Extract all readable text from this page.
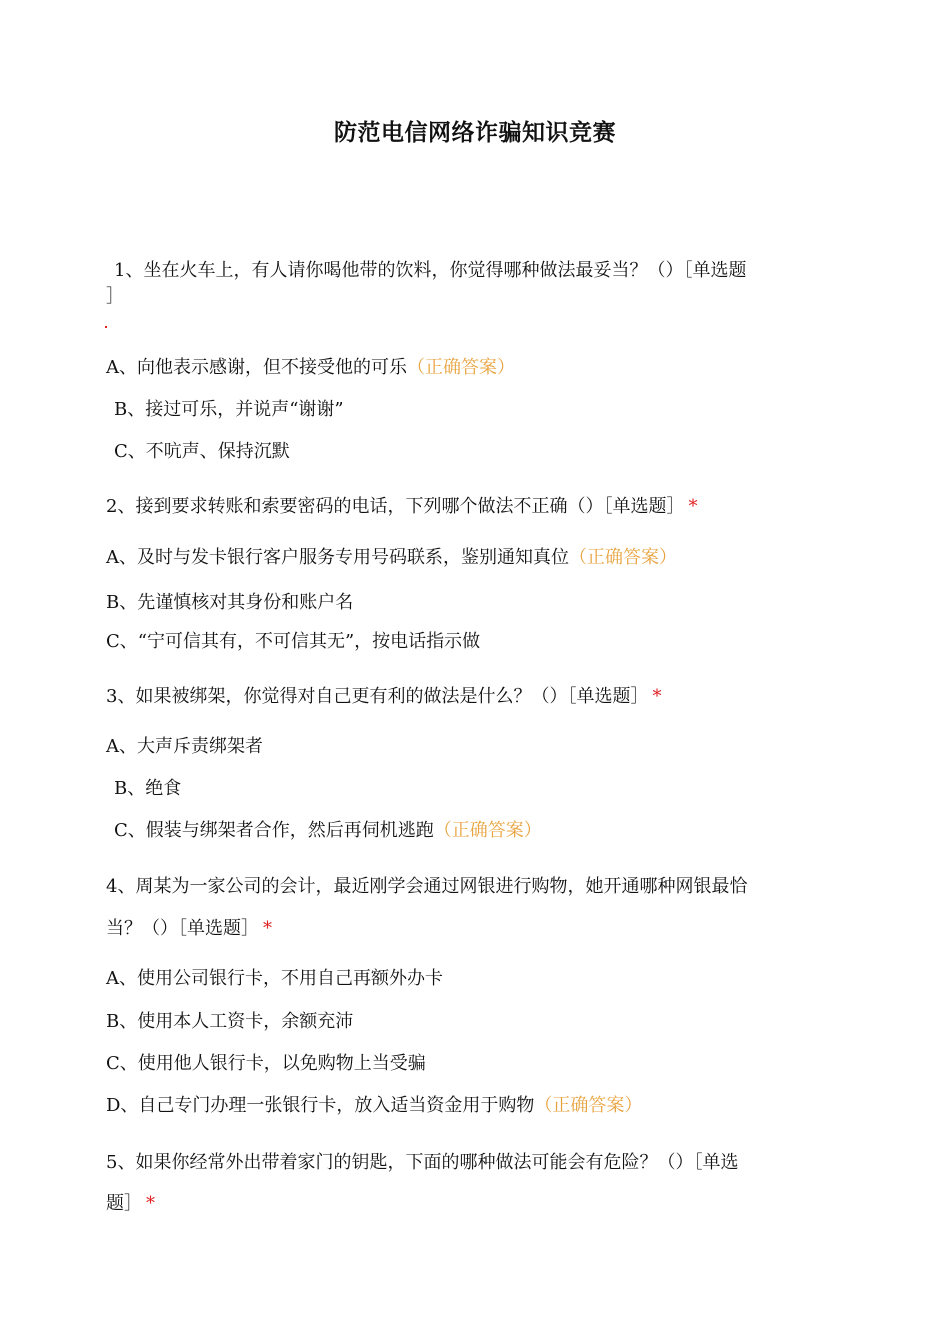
防范电信网络诈骗知识竞赛
1、坐在火车上，有人请你喝他带的饮料，你觉得哪种做法最妥当？（）［单选题
］
A、向他表示感谢，但不接受他的可乐（正确答案）
B、接过可乐，并说声“谢谢”
C、不吭声、保持沉默
2、接到要求转账和索要密码的电话，下列哪个做法不正确（）［单选题］ *
A、及时与发卡银行客户服务专用号码联系，鉴别通知真位（正确答案）
B、先谨慎核对其身份和账户名
C、“宁可信其有，不可信其无”，按电话指示做
3、如果被绑架，你觉得对自己更有利的做法是什么？（）［单选题］ *
A、大声斥责绑架者
B、绝食
C、假装与绑架者合作，然后再伺机逃跑（正确答案）
4、周某为一家公司的会计，最近刚学会通过网银进行购物，她开通哪种网银最恰
当？（）［单选题］ *
A、使用公司银行卡，不用自己再额外办卡
B、使用本人工资卡，余额充沛
C、使用他人银行卡，以免购物上当受骗
D、自己专门办理一张银行卡，放入适当资金用于购物（正确答案）
5、如果你经常外出带着家门的钥匙，下面的哪种做法可能会有危险？（）［单选
题］ *
